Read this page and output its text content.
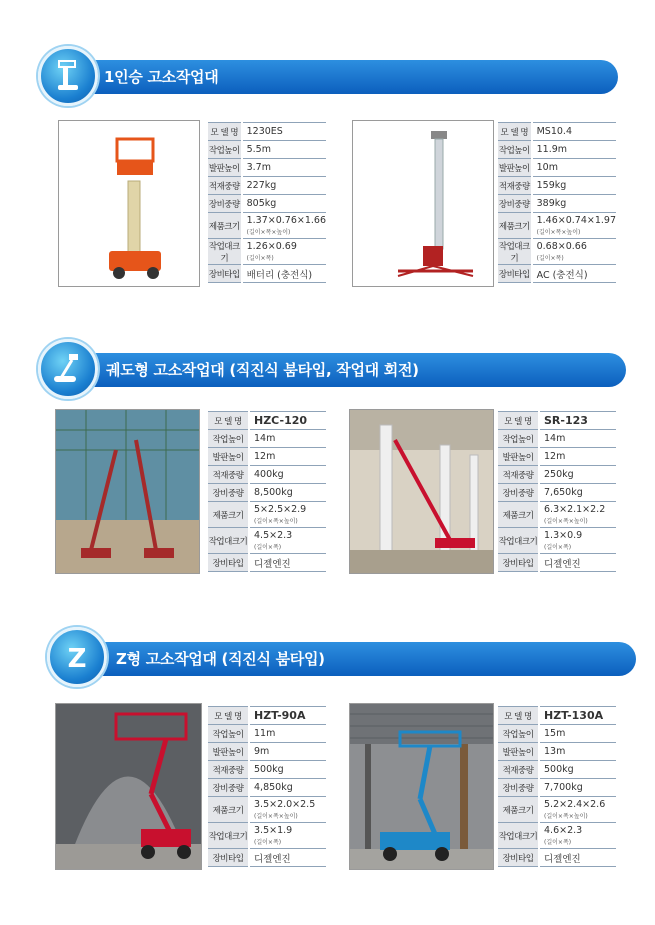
1인승 고소작업대
모 델 명	1230ES
작업높이	5.5m
발판높이	3.7m
적재중량	227kg
장비중량	805kg
제품크기	1.37×0.76×1.66
(길이×폭×높이)

작업대크기	1.26×0.69
(길이×폭)

장비타입	배터리 (충전식)
모 델 명	MS10.4
작업높이	11.9m
발판높이	10m
적재중량	159kg
장비중량	389kg
제품크기	1.46×0.74×1.97
(길이×폭×높이)

작업대크기	0.68×0.66
(길이×폭)

장비타입	AC (충전식)
궤도형 고소작업대 (직진식 붐타입, 작업대 회전)
모 델 명	HZC-120
작업높이	14m
발판높이	12m
적재중량	400kg
장비중량	8,500kg
제품크기	5×2.5×2.9
(길이×폭×높이)

작업대크기	4.5×2.3
(길이×폭)

장비타입	디젤엔진
모 델 명	SR-123
작업높이	14m
발판높이	12m
적재중량	250kg
장비중량	7,650kg
제품크기	6.3×2.1×2.2
(길이×폭×높이)

작업대크기	1.3×0.9
(길이×폭)

장비타입	디젤엔진
Z Z형 고소작업대 (직진식 붐타입)
모 델 명	HZT-90A
작업높이	11m
발판높이	9m
적재중량	500kg
장비중량	4,850kg
제품크기	3.5×2.0×2.5
(길이×폭×높이)

작업대크기	3.5×1.9
(길이×폭)

장비타입	디젤엔진
모 델 명	HZT-130A
작업높이	15m
발판높이	13m
적재중량	500kg
장비중량	7,700kg
제품크기	5.2×2.4×2.6
(길이×폭×높이)

작업대크기	4.6×2.3
(길이×폭)

장비타입	디젤엔진
